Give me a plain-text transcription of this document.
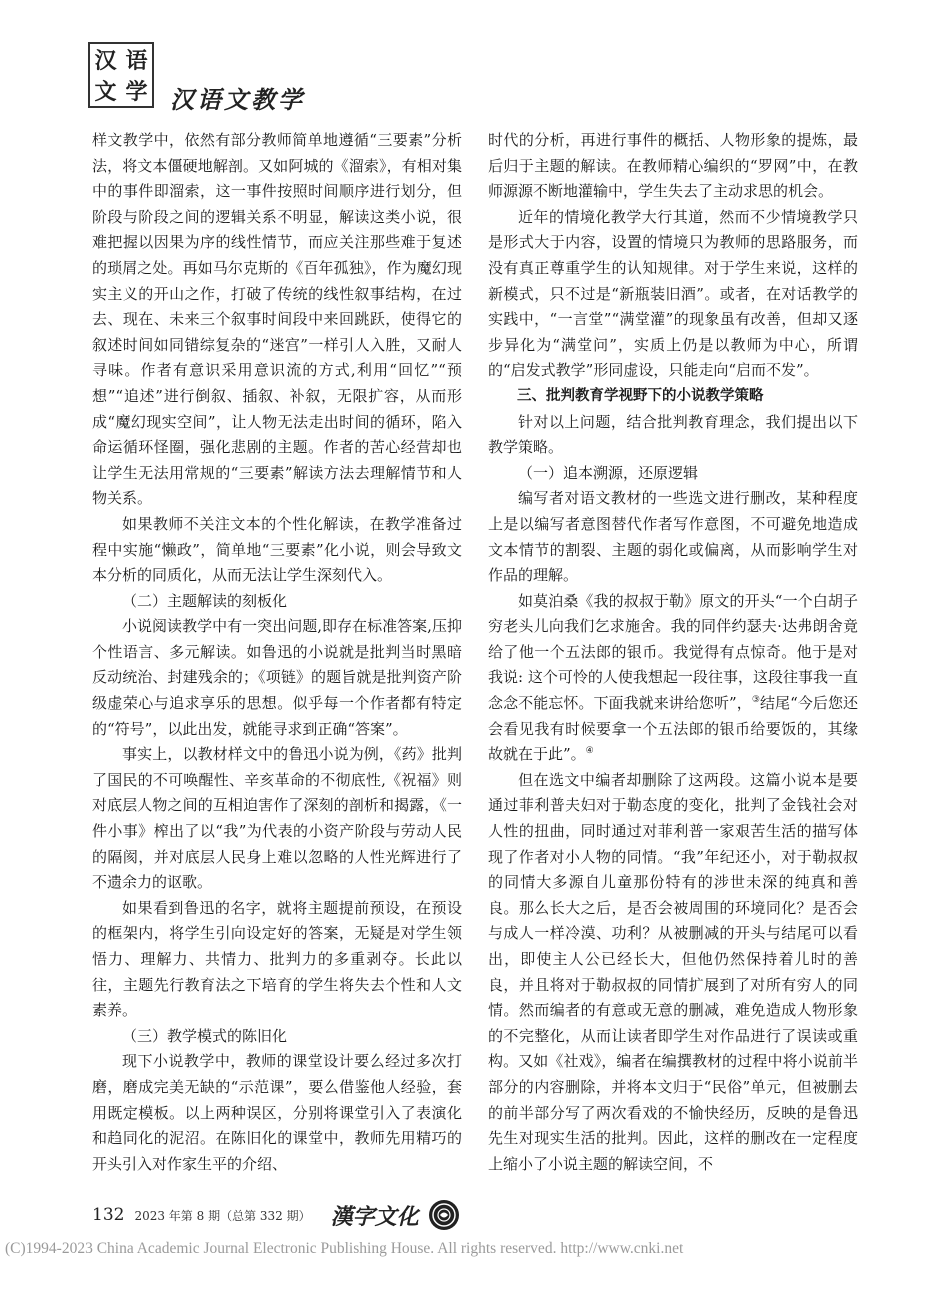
汉 语
文 学 汉语文教学

样文教学中，依然有部分教师简单地遵循“三要素”分析法，将文本僵硬地解剖。又如阿城的《溜索》，有相对集中的事件即溜索，这一事件按照时间顺序进行划分，但阶段与阶段之间的逻辑关系不明显，解读这类小说，很难把握以因果为序的线性情节，而应关注那些难于复述的琐屑之处。再如马尔克斯的《百年孤独》，作为魔幻现实主义的开山之作，打破了传统的线性叙事结构，在过去、现在、未来三个叙事时间段中来回跳跃，使得它的叙述时间如同错综复杂的“迷宫”一样引人入胜，又耐人寻味。作者有意识采用意识流的方式,利用“回忆”“预想”“追述”进行倒叙、插叙、补叙，无限扩容，从而形成“魔幻现实空间”，让人物无法走出时间的循环，陷入命运循环怪圈，强化悲剧的主题。作者的苦心经营却也让学生无法用常规的“三要素”解读方法去理解情节和人物关系。

如果教师不关注文本的个性化解读，在教学准备过程中实施“懒政”，简单地“三要素”化小说，则会导致文本分析的同质化，从而无法让学生深刻代入。

（二）主题解读的刻板化

小说阅读教学中有一突出问题,即存在标准答案,压抑个性语言、多元解读。如鲁迅的小说就是批判当时黑暗反动统治、封建残余的；《项链》的题旨就是批判资产阶级虚荣心与追求享乐的思想。似乎每一个作者都有特定的“符号”，以此出发，就能寻求到正确“答案”。

事实上，以教材样文中的鲁迅小说为例，《药》批判了国民的不可唤醒性、辛亥革命的不彻底性,《祝福》则对底层人物之间的互相迫害作了深刻的剖析和揭露，《一件小事》榨出了以“我”为代表的小资产阶段与劳动人民的隔阂，并对底层人民身上难以忽略的人性光辉进行了不遗余力的讴歌。

如果看到鲁迅的名字，就将主题提前预设，在预设的框架内，将学生引向设定好的答案，无疑是对学生领悟力、理解力、共情力、批判力的多重剥夺。长此以往，主题先行教育法之下培育的学生将失去个性和人文素养。

（三）教学模式的陈旧化

现下小说教学中，教师的课堂设计要么经过多次打磨，磨成完美无缺的“示范课”，要么借鉴他人经验，套用既定模板。以上两种误区，分别将课堂引入了表演化和趋同化的泥沼。在陈旧化的课堂中，教师先用精巧的开头引入对作家生平的介绍、

时代的分析，再进行事件的概括、人物形象的提炼，最后归于主题的解读。在教师精心编织的“罗网”中，在教师源源不断地灌输中，学生失去了主动求思的机会。

近年的情境化教学大行其道，然而不少情境教学只是形式大于内容，设置的情境只为教师的思路服务，而没有真正尊重学生的认知规律。对于学生来说，这样的新模式，只不过是“新瓶装旧酒”。或者，在对话教学的实践中，“一言堂”“满堂灌”的现象虽有改善，但却又逐步异化为“满堂问”，实质上仍是以教师为中心，所谓的“启发式教学”形同虚设，只能走向“启而不发”。

三、批判教育学视野下的小说教学策略

针对以上问题，结合批判教育理念，我们提出以下教学策略。

（一）追本溯源，还原逻辑

编写者对语文教材的一些选文进行删改，某种程度上是以编写者意图替代作者写作意图，不可避免地造成文本情节的割裂、主题的弱化或偏离，从而影响学生对作品的理解。

如莫泊桑《我的叔叔于勒》原文的开头“一个白胡子穷老头儿向我们乞求施舍。我的同伴约瑟夫·达弗朗舍竟给了他一个五法郎的银币。我觉得有点惊奇。他于是对我说: 这个可怜的人使我想起一段往事，这段往事我一直念念不能忘怀。下面我就来讲给您听”，③结尾“今后您还会看见我有时候要拿一个五法郎的银币给要饭的，其缘故就在于此”。④

但在选文中编者却删除了这两段。这篇小说本是要通过菲利普夫妇对于勒态度的变化，批判了金钱社会对人性的扭曲，同时通过对菲利普一家艰苦生活的描写体现了作者对小人物的同情。“我”年纪还小，对于勒叔叔的同情大多源自儿童那份特有的涉世未深的纯真和善良。那么长大之后，是否会被周围的环境同化？是否会与成人一样冷漠、功利？从被删减的开头与结尾可以看出，即使主人公已经长大，但他仍然保持着儿时的善良，并且将对于勒叔叔的同情扩展到了对所有穷人的同情。然而编者的有意或无意的删减，难免造成人物形象的不完整化，从而让读者即学生对作品进行了误读或重构。又如《社戏》，编者在编撰教材的过程中将小说前半部分的内容删除，并将本文归于“民俗”单元，但被删去的前半部分写了两次看戏的不愉快经历，反映的是鲁迅先生对现实生活的批判。因此，这样的删改在一定程度上缩小了小说主题的解读空间，不

132 2023 年第 8 期（总第 332 期） 漢字文化
(C)1994-2023 China Academic Journal Electronic Publishing House. All rights reserved. http://www.cnki.net
